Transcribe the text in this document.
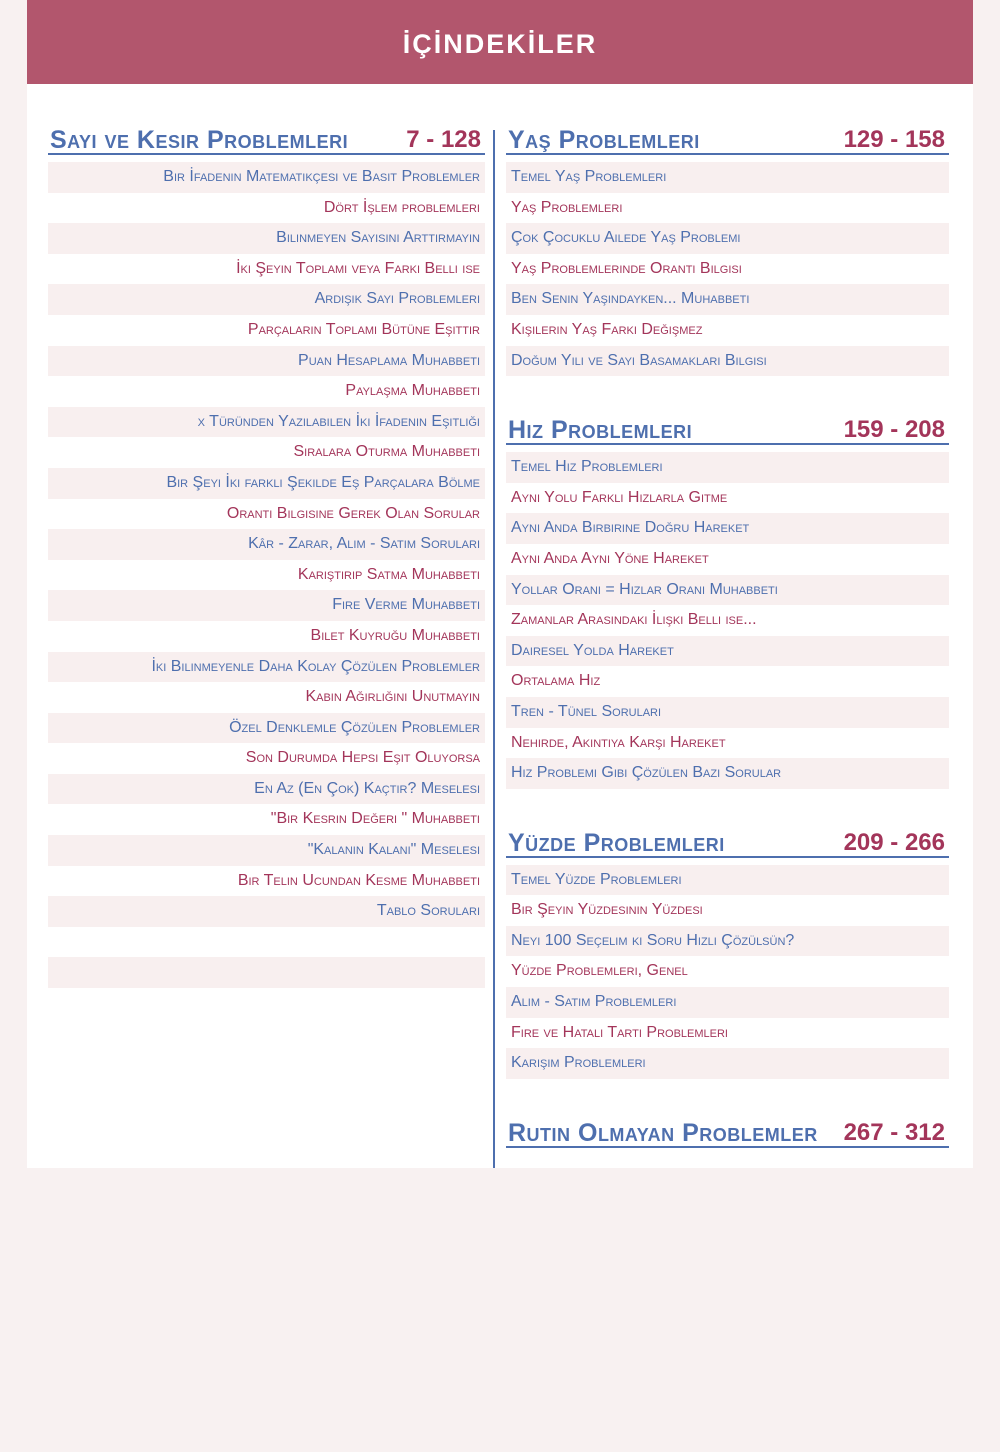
İÇİNDEKİLER
Sayı ve Kesir Problemleri 7 - 128
Bir İfadenin Matematikçesi ve Basit Problemler
Dört İşlem problemleri
Bilinmeyen Sayısını Arttırmayın
İki Şeyin Toplamı veya Farkı Belli ise
Ardışık Sayı Problemleri
Parçaların Toplamı Bütüne Eşittir
Puan Hesaplama Muhabbeti
Paylaşma Muhabbeti
x Türünden Yazılabilen İki İfadenin Eşitliği
Sıralara Oturma Muhabbeti
Bir Şeyi İki farklı Şekilde Eş Parçalara Bölme
Orantı Bilgisine Gerek Olan Sorular
Kâr - Zarar, Alım - Satım Soruları
Karıştırıp Satma Muhabbeti
Fire Verme Muhabbeti
Bilet Kuyruğu Muhabbeti
İki Bilinmeyenle Daha Kolay Çözülen Problemler
Kabın Ağırlığını Unutmayın
Özel Denklemle Çözülen Problemler
Son Durumda Hepsi Eşit Oluyorsa
En Az (En Çok) Kaçtır? Meselesi
"Bir Kesrin Değeri " Muhabbeti
"Kalanın Kalanı" Meselesi
Bir Telin Ucundan Kesme Muhabbeti
Tablo Soruları
Yaş Problemleri	129 - 158
Temel Yaş Problemleri
Yaş Problemleri
Çok Çocuklu Ailede Yaş Problemi
Yaş Problemlerinde Orantı Bilgisi
Ben Senin Yaşındayken... Muhabbeti
Kişilerin Yaş Farkı Değişmez
Doğum Yılı ve Sayı Basamakları Bilgisi
Hız Problemleri	159 - 208
Temel Hız Problemleri
Aynı Yolu Farklı Hızlarla Gitme
Aynı Anda Birbirine Doğru Hareket
Aynı Anda Aynı Yöne Hareket
Yollar Oranı = Hızlar Oranı Muhabbeti
Zamanlar Arasındaki İlişki Belli ise...
Dairesel Yolda Hareket
Ortalama Hız
Tren - Tünel Soruları
Nehirde, Akıntıya Karşı Hareket
Hız Problemi Gibi Çözülen Bazı Sorular
Yüzde Problemleri	209 - 266
Temel Yüzde Problemleri
Bir Şeyin Yüzdesinin Yüzdesi
Neyi 100 Seçelim ki Soru Hızlı Çözülsün?
Yüzde Problemleri, Genel
Alım - Satım Problemleri
Fire ve Hatalı Tartı Problemleri
Karışım Problemleri
Rutin Olmayan Problemler 267 - 312
